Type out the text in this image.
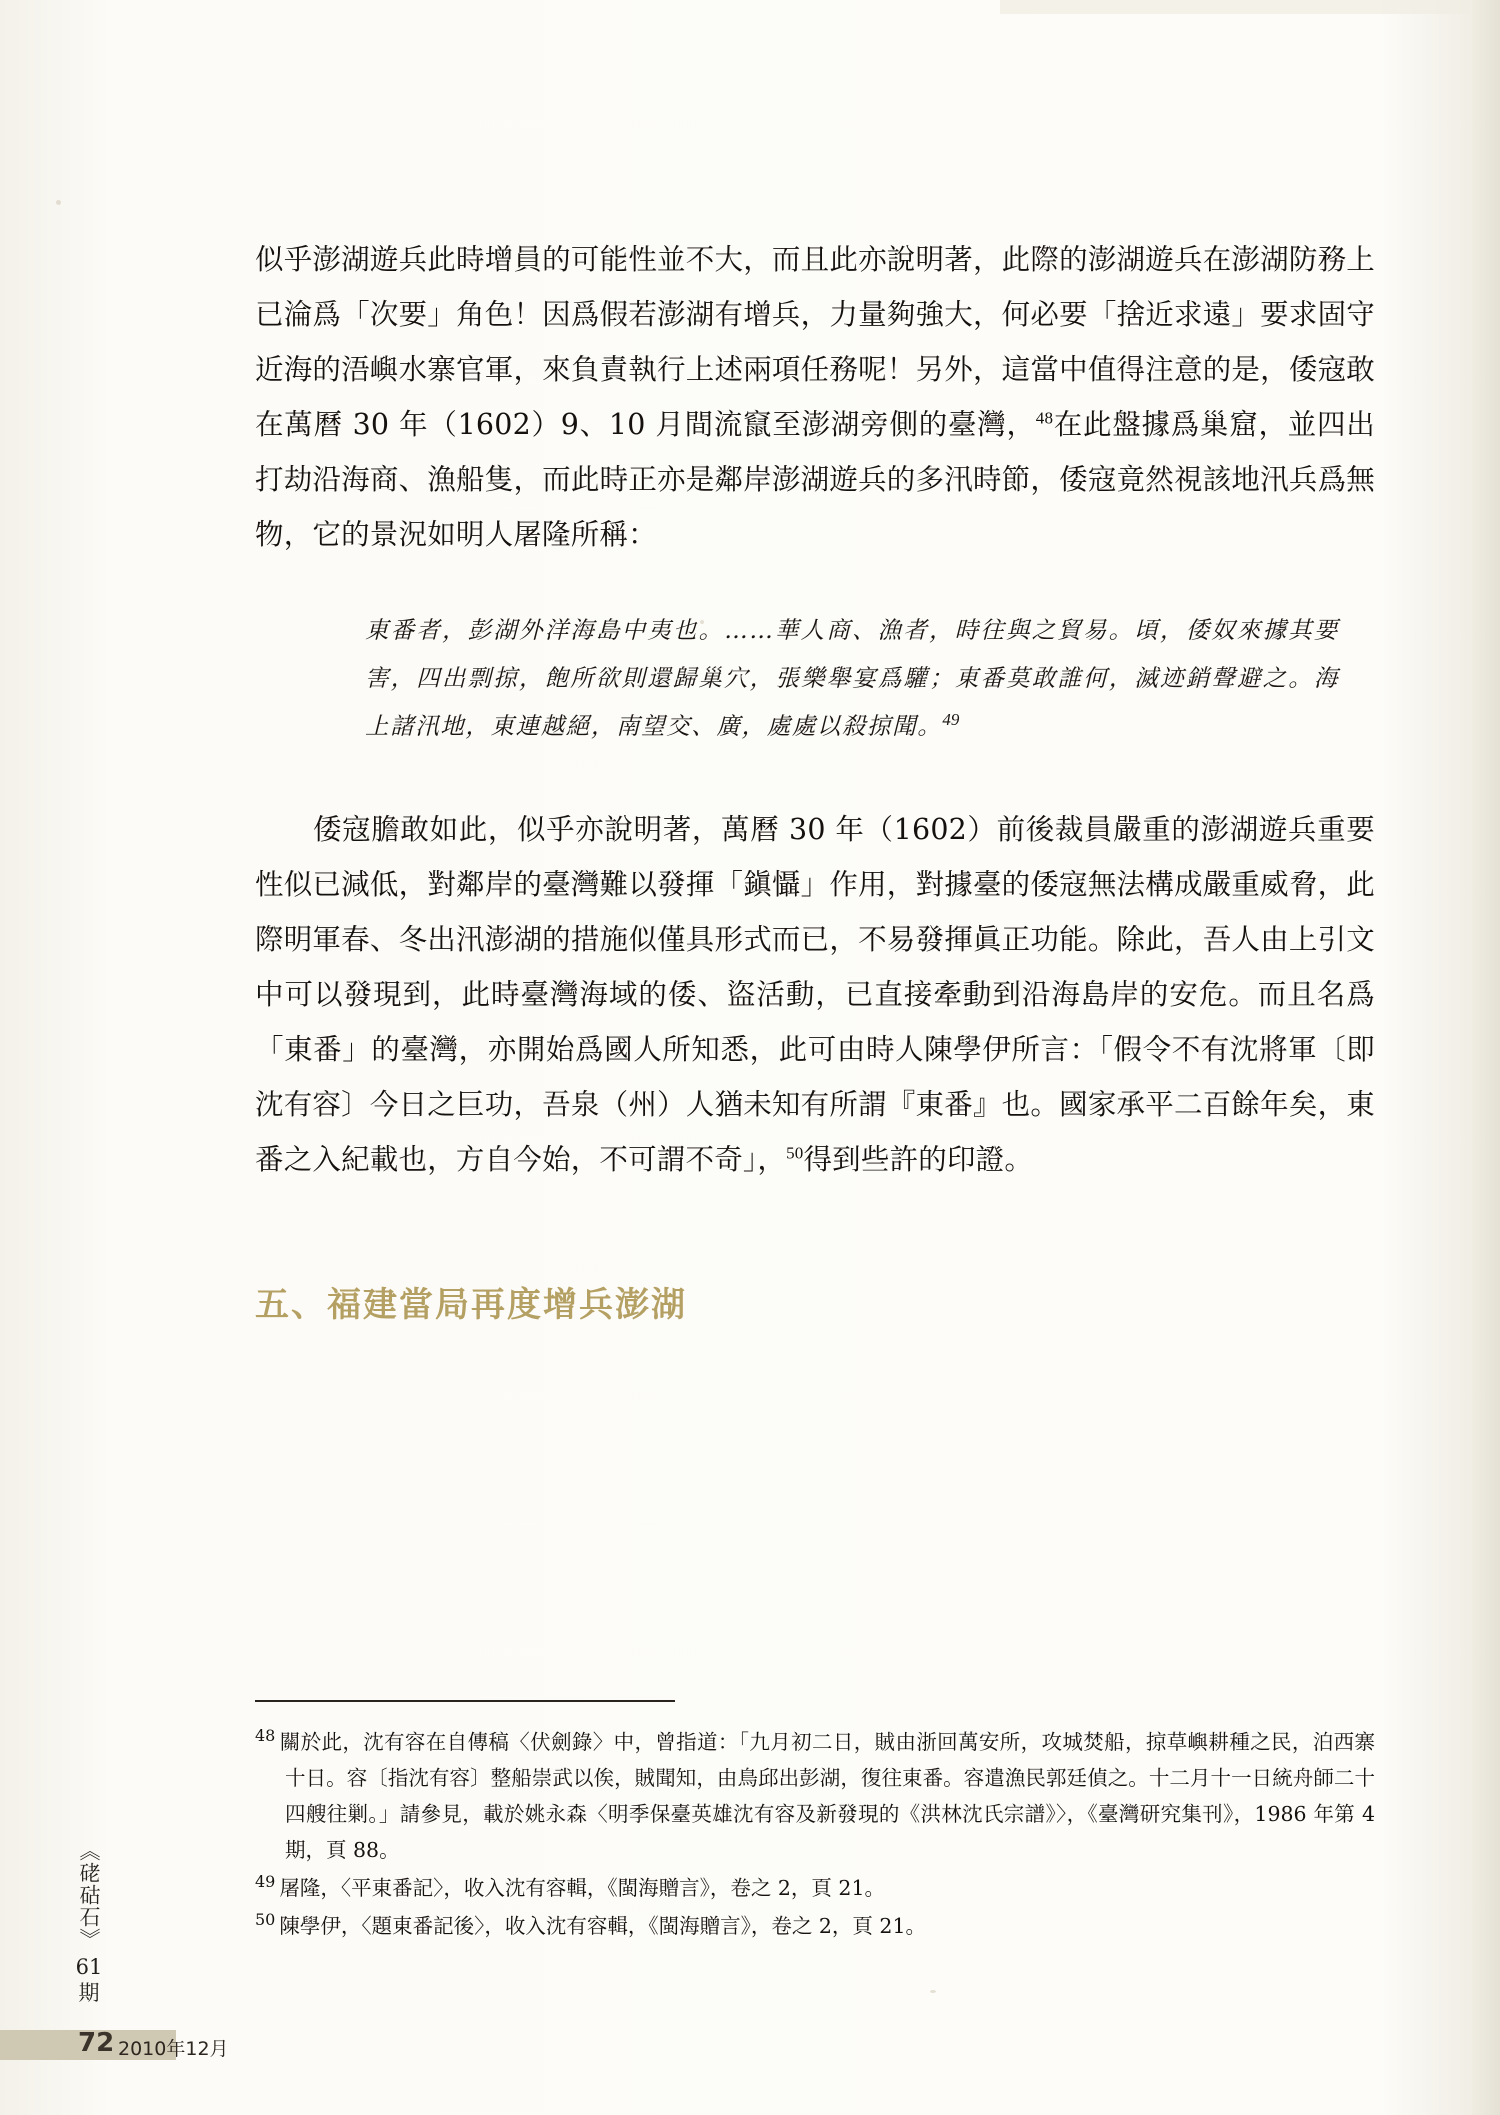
似乎澎湖遊兵此時增員的可能性並不大，而且此亦說明著，此際的澎湖遊兵在澎湖防務上已淪爲「次要」角色！因爲假若澎湖有增兵，力量夠強大，何必要「捨近求遠」要求固守近海的浯嶼水寨官軍，來負責執行上述兩項任務呢！另外，這當中值得注意的是，倭寇敢在萬曆 30 年（1602）9、10 月間流竄至澎湖旁側的臺灣，$^{48}$在此盤據爲巢窟，並四出打劫沿海商、漁船隻，而此時正亦是鄰岸澎湖遊兵的多汛時節，倭寇竟然視該地汛兵爲無物，它的景況如明人屠隆所稱：

東番者，彭湖外洋海島中夷也。……華人商、漁者，時往與之貿易。頃，倭奴來據其要害，四出剽掠，飽所欲則還歸巢穴，張樂舉宴爲驩；東番莫敢誰何，滅迹銷聲避之。海上諸汛地，東連越絕，南望交、廣，處處以殺掠聞。$^{49}$

倭寇膽敢如此，似乎亦說明著，萬曆 30 年（1602）前後裁員嚴重的澎湖遊兵重要性似已減低，對鄰岸的臺灣難以發揮「鎭懾」作用，對據臺的倭寇無法構成嚴重威脅，此際明軍春、冬出汛澎湖的措施似僅具形式而已，不易發揮眞正功能。除此，吾人由上引文中可以發現到，此時臺灣海域的倭、盜活動，已直接牽動到沿海島岸的安危。而且名爲「東番」的臺灣，亦開始爲國人所知悉，此可由時人陳學伊所言：「假令不有沈將軍〔即沈有容〕今日之巨功，吾泉（州）人猶未知有所謂『東番』也。國家承平二百餘年矣，東番之入紀載也，方自今始，不可謂不奇」，$^{50}$得到些許的印證。

五、福建當局再度增兵澎湖

$^{48}$ 關於此，沈有容在自傳稿〈伏劍錄〉中，曾指道：「九月初二日，賊由浙回萬安所，攻城焚船，掠草嶼耕種之民，泊西寨十日。容〔指沈有容〕整船崇武以俟，賊聞知，由鳥邱出彭湖，復往東番。容遣漁民郭廷偵之。十二月十一日統舟師二十四艘往剿。」請參見，載於姚永森〈明季保臺英雄沈有容及新發現的《洪林沈氏宗譜》〉，《臺灣研究集刊》，1986 年第 4 期，頁 88。

$^{49}$ 屠隆，〈平東番記〉，收入沈有容輯，《閩海贈言》，卷之 2，頁 21。

$^{50}$ 陳學伊，〈題東番記後〉，收入沈有容輯，《閩海贈言》，卷之 2，頁 21。

《硓𥑮石》
61
期
72 2010年12月
